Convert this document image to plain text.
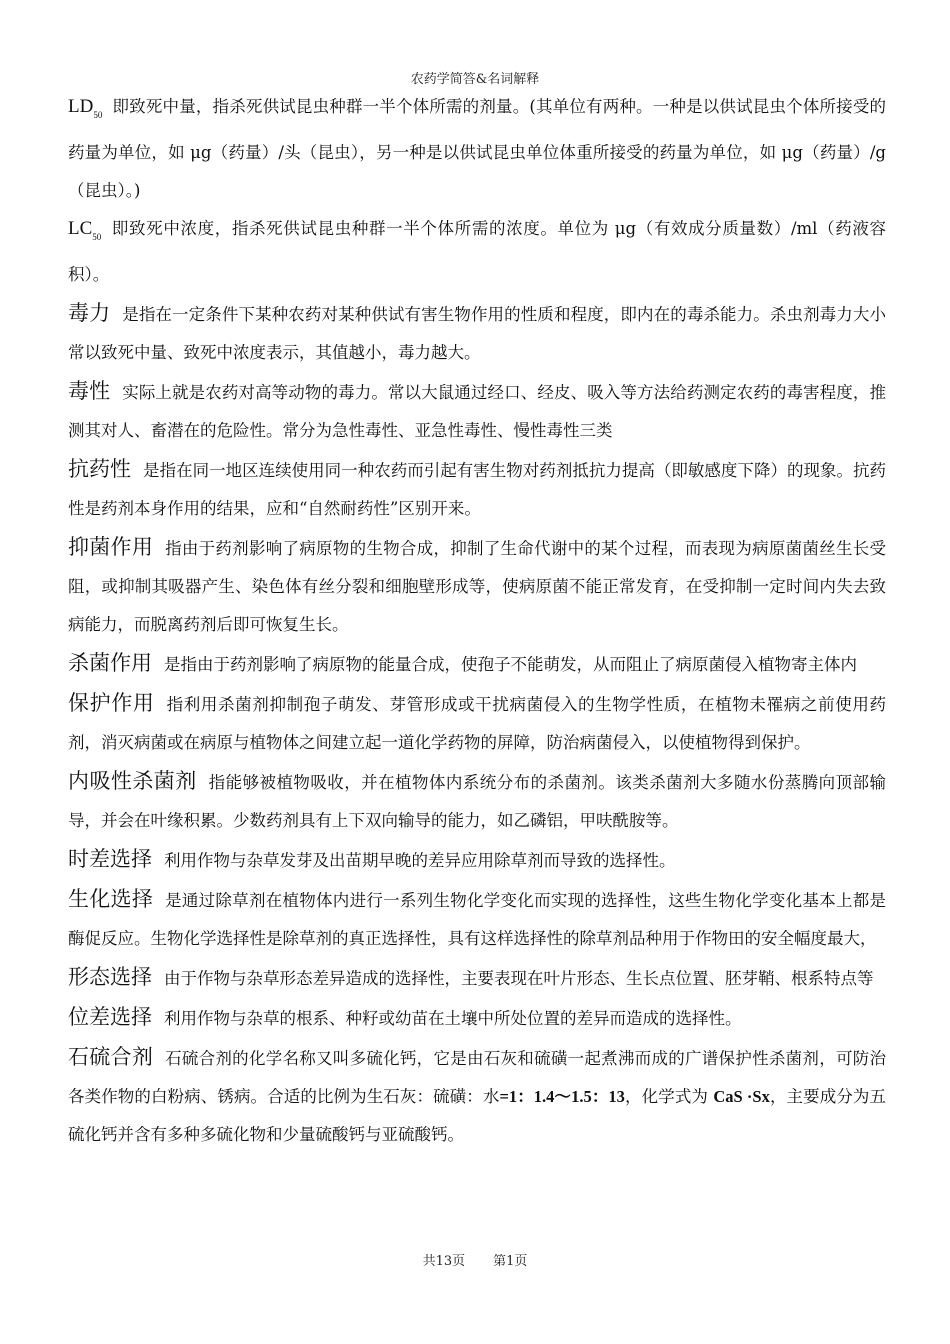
农药学简答&名词解释

$LD_{50}$ 即致死中量，指杀死供试昆虫种群一半个体所需的剂量。(其单位有两种。一种是以供试昆虫个体所接受的药量为单位，如 μg（药量）/头（昆虫），另一种是以供试昆虫单位体重所接受的药量为单位，如 μg（药量）/g（昆虫）。)

$LC_{50}$ 即致死中浓度，指杀死供试昆虫种群一半个体所需的浓度。单位为 μg（有效成分质量数）/ml（药液容积）。

毒力 是指在一定条件下某种农药对某种供试有害生物作用的性质和程度，即内在的毒杀能力。杀虫剂毒力大小常以致死中量、致死中浓度表示，其值越小，毒力越大。

毒性 实际上就是农药对高等动物的毒力。常以大鼠通过经口、经皮、吸入等方法给药测定农药的毒害程度，推测其对人、畜潜在的危险性。常分为急性毒性、亚急性毒性、慢性毒性三类

抗药性 是指在同一地区连续使用同一种农药而引起有害生物对药剂抵抗力提高（即敏感度下降）的现象。抗药性是药剂本身作用的结果，应和“自然耐药性”区别开来。

抑菌作用 指由于药剂影响了病原物的生物合成，抑制了生命代谢中的某个过程，而表现为病原菌菌丝生长受阻，或抑制其吸器产生、染色体有丝分裂和细胞壁形成等，使病原菌不能正常发育，在受抑制一定时间内失去致病能力，而脱离药剂后即可恢复生长。

杀菌作用 是指由于药剂影响了病原物的能量合成，使孢子不能萌发，从而阻止了病原菌侵入植物寄主体内

保护作用 指利用杀菌剂抑制孢子萌发、芽管形成或干扰病菌侵入的生物学性质，在植物未罹病之前使用药剂，消灭病菌或在病原与植物体之间建立起一道化学药物的屏障，防治病菌侵入，以使植物得到保护。

内吸性杀菌剂 指能够被植物吸收，并在植物体内系统分布的杀菌剂。该类杀菌剂大多随水份蒸腾向顶部输导，并会在叶缘积累。少数药剂具有上下双向输导的能力，如乙磷铝，甲呋酰胺等。

时差选择 利用作物与杂草发芽及出苗期早晚的差异应用除草剂而导致的选择性。

生化选择 是通过除草剂在植物体内进行一系列生物化学变化而实现的选择性，这些生物化学变化基本上都是酶促反应。生物化学选择性是除草剂的真正选择性，具有这样选择性的除草剂品种用于作物田的安全幅度最大，

形态选择 由于作物与杂草形态差异造成的选择性，主要表现在叶片形态、生长点位置、胚芽鞘、根系特点等

位差选择 利用作物与杂草的根系、种籽或幼苗在土壤中所处位置的差异而造成的选择性。

石硫合剂 石硫合剂的化学名称又叫多硫化钙，它是由石灰和硫磺一起煮沸而成的广谱保护性杀菌剂，可防治各类作物的白粉病、锈病。合适的比例为生石灰：硫磺：水=1：1.4～1.5：13，化学式为 CaS ·Sx，主要成分为五硫化钙并含有多种多硫化物和少量硫酸钙与亚硫酸钙。

共13页 第1页
